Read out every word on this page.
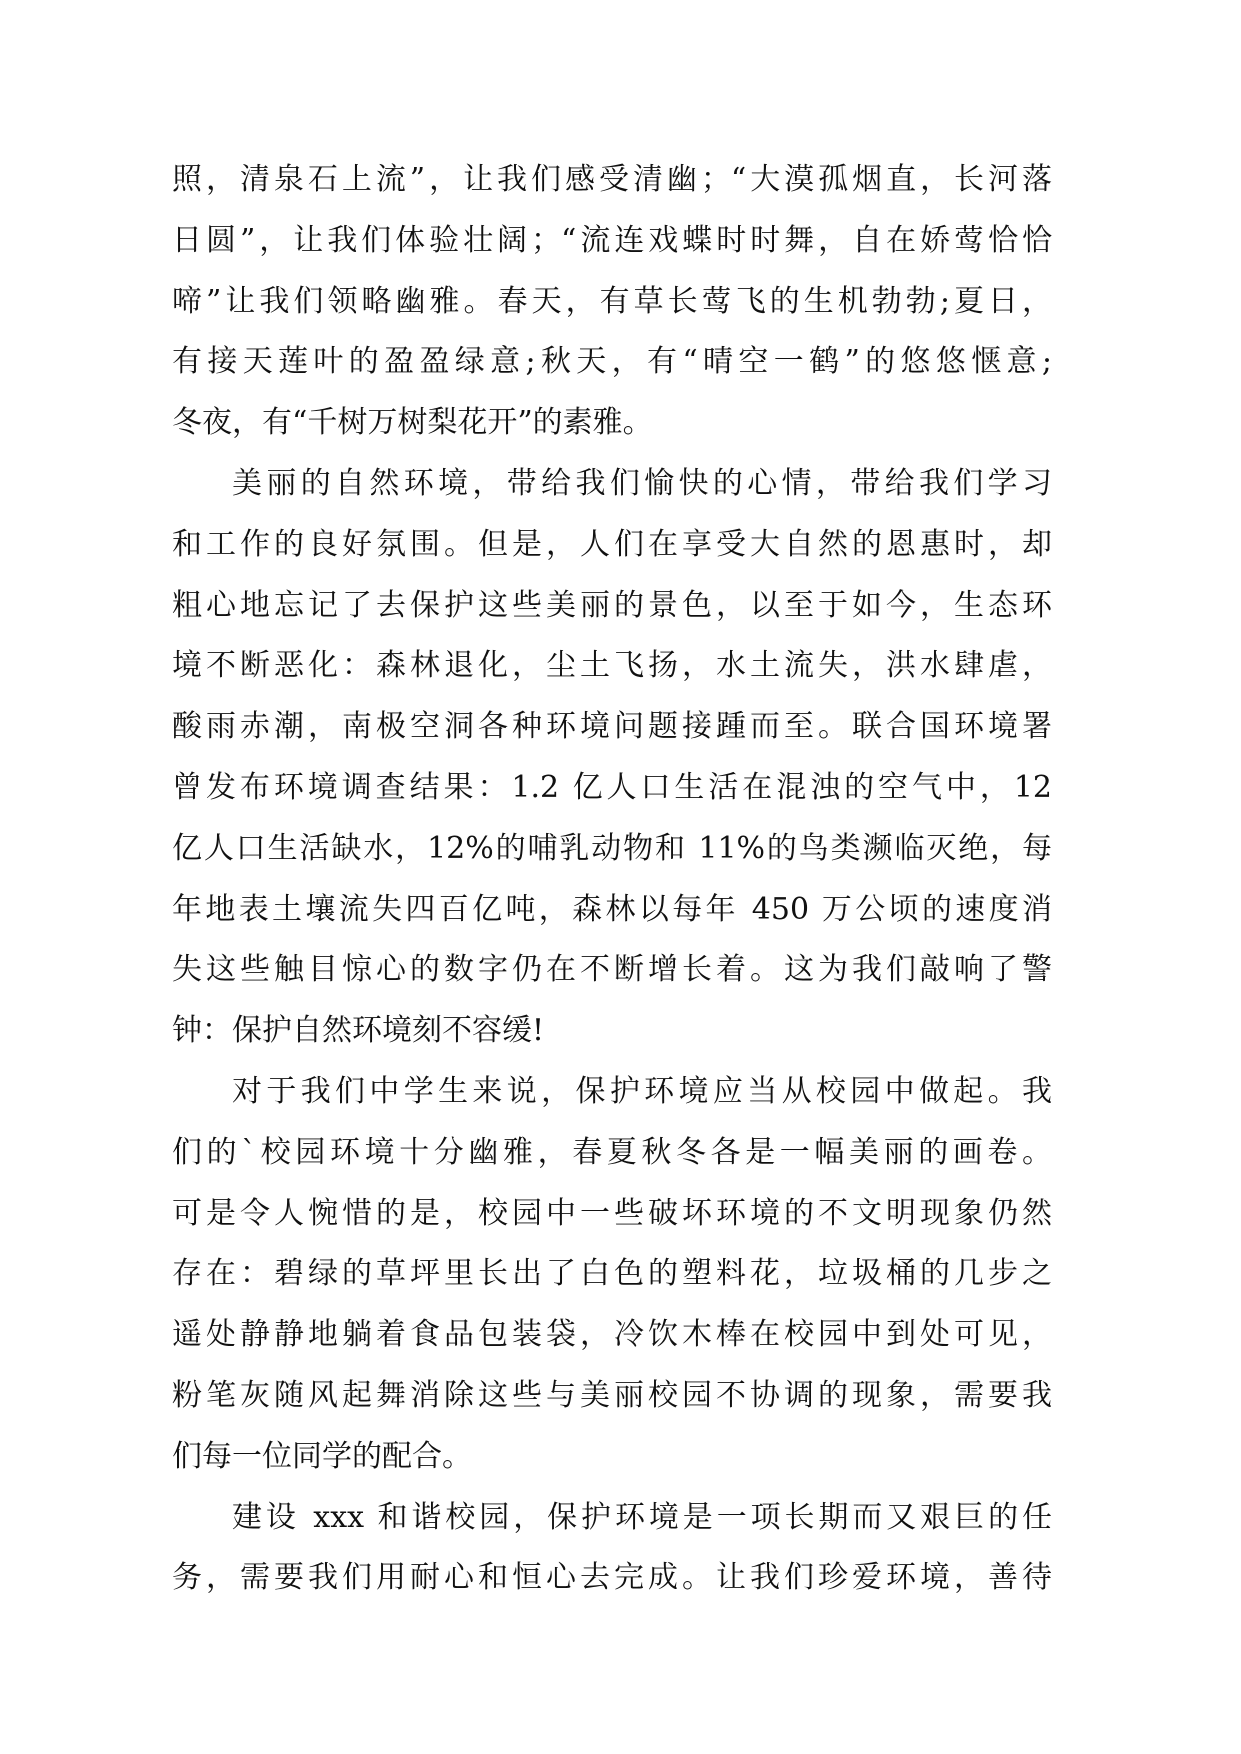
照，清泉石上流”，让我们感受清幽；“大漠孤烟直，长河落
日圆”，让我们体验壮阔；“流连戏蝶时时舞，自在娇莺恰恰
啼”让我们领略幽雅。春天，有草长莺飞的生机勃勃;夏日，
有接天莲叶的盈盈绿意;秋天，有“晴空一鹤”的悠悠惬意;
冬夜，有“千树万树梨花开”的素雅。
美丽的自然环境，带给我们愉快的心情，带给我们学习
和工作的良好氛围。但是，人们在享受大自然的恩惠时，却
粗心地忘记了去保护这些美丽的景色，以至于如今，生态环
境不断恶化：森林退化，尘土飞扬，水土流失，洪水肆虐，
酸雨赤潮，南极空洞各种环境问题接踵而至。联合国环境署
曾发布环境调查结果：1.2 亿人口生活在混浊的空气中，12
亿人口生活缺水，12%的哺乳动物和 11%的鸟类濒临灭绝，每
年地表土壤流失四百亿吨，森林以每年 450 万公顷的速度消
失这些触目惊心的数字仍在不断增长着。这为我们敲响了警
钟：保护自然环境刻不容缓!
对于我们中学生来说，保护环境应当从校园中做起。我
们的`校园环境十分幽雅，春夏秋冬各是一幅美丽的画卷。
可是令人惋惜的是，校园中一些破坏环境的不文明现象仍然
存在：碧绿的草坪里长出了白色的塑料花，垃圾桶的几步之
遥处静静地躺着食品包装袋，冷饮木棒在校园中到处可见，
粉笔灰随风起舞消除这些与美丽校园不协调的现象，需要我
们每一位同学的配合。
建设 xxx 和谐校园，保护环境是一项长期而又艰巨的任
务，需要我们用耐心和恒心去完成。让我们珍爱环境，善待
